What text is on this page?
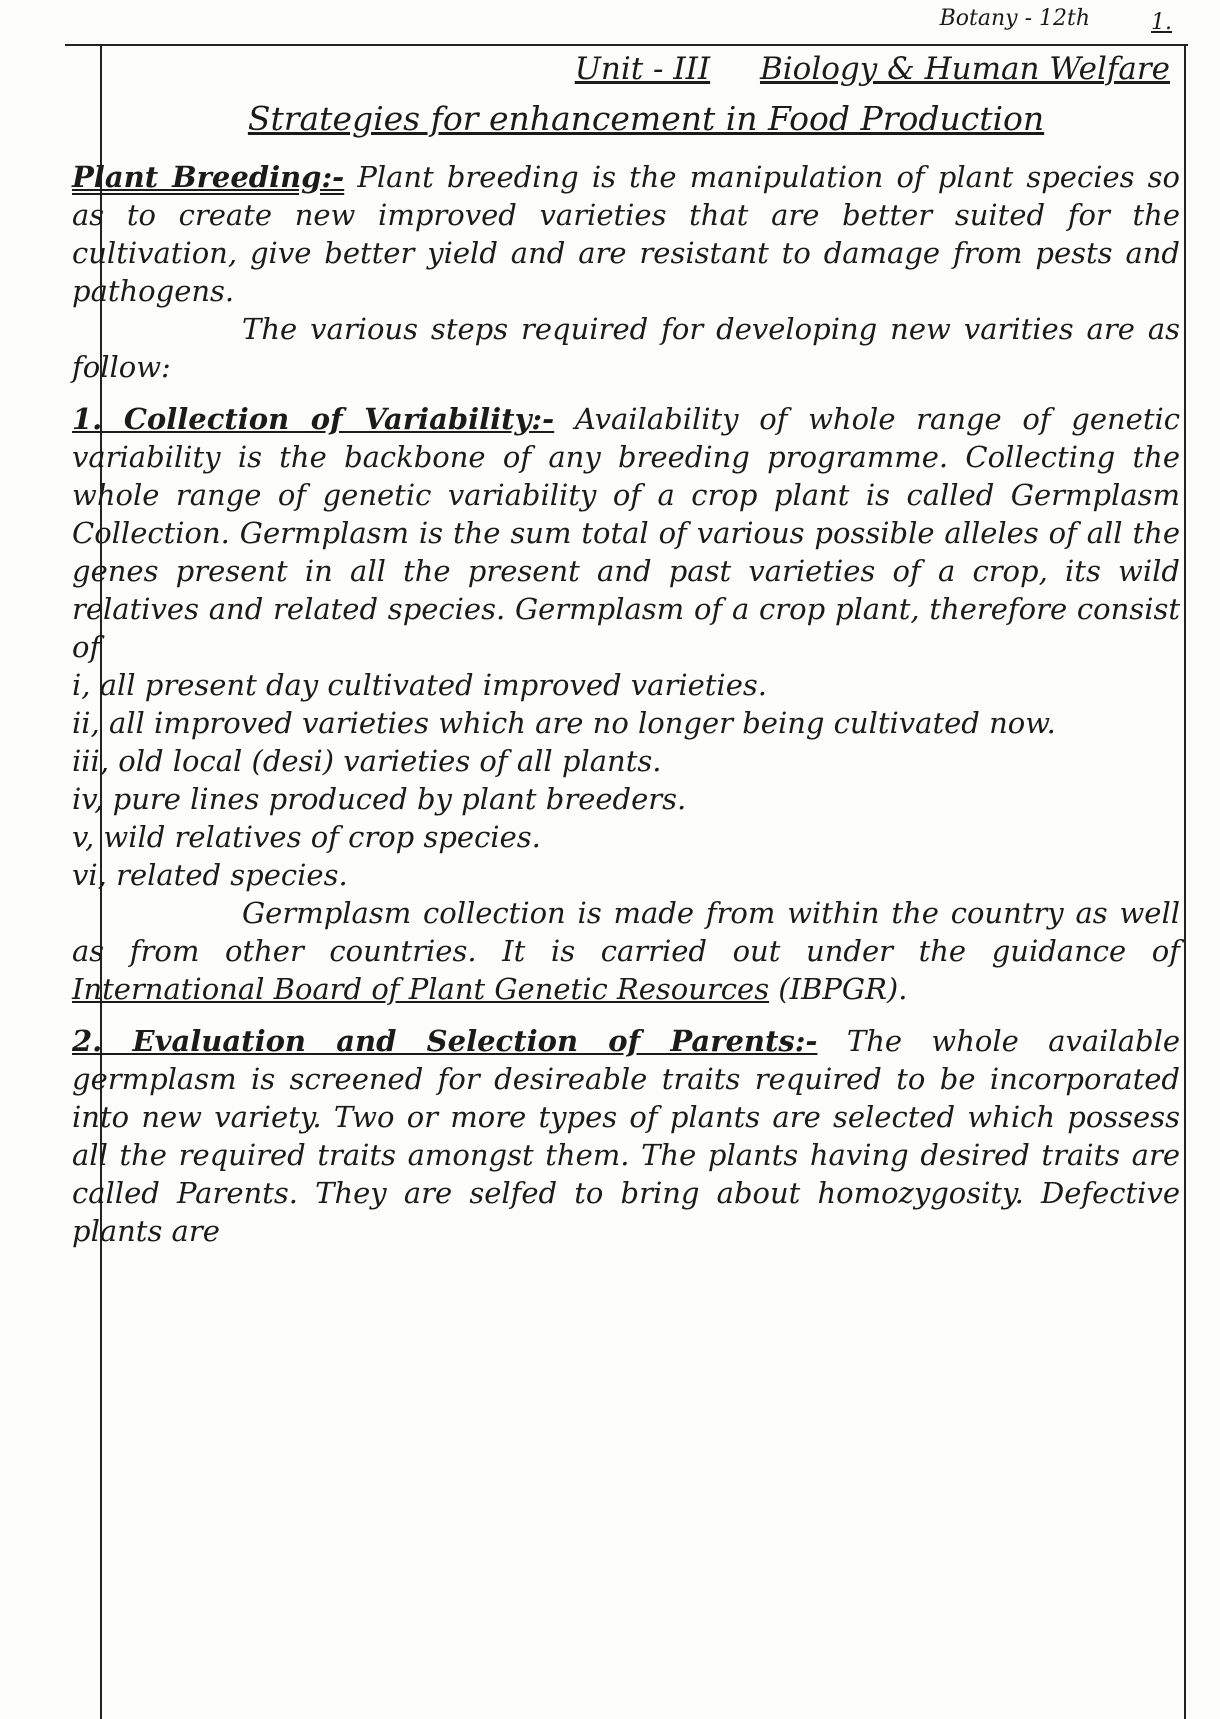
Botany - 12th	1.
Unit - III Biology & Human Welfare
Strategies for enhancement in Food Production

Plant Breeding:- Plant breeding is the manipulation of plant species so as to create new improved varieties that are better suited for the cultivation, give better yield and are resistant to damage from pests and pathogens.

The various steps required for developing new varities are as follow:

1. Collection of Variability:- Availability of whole range of genetic variability is the backbone of any breeding programme. Collecting the whole range of genetic variability of a crop plant is called Germplasm Collection. Germplasm is the sum total of various possible alleles of all the genes present in all the present and past varieties of a crop, its wild relatives and related species. Germplasm of a crop plant, therefore consist of

i, all present day cultivated improved varieties.
ii, all improved varieties which are no longer being cultivated now.
iii, old local (desi) varieties of all plants.
iv, pure lines produced by plant breeders.
v, wild relatives of crop species.
vi, related species.

Germplasm collection is made from within the country as well as from other countries. It is carried out under the guidance of International Board of Plant Genetic Resources (IBPGR).

2. Evaluation and Selection of Parents:- The whole available germplasm is screened for desireable traits required to be incorporated into new variety. Two or more types of plants are selected which possess all the required traits amongst them. The plants having desired traits are called Parents. They are selfed to bring about homozygosity. Defective plants are
